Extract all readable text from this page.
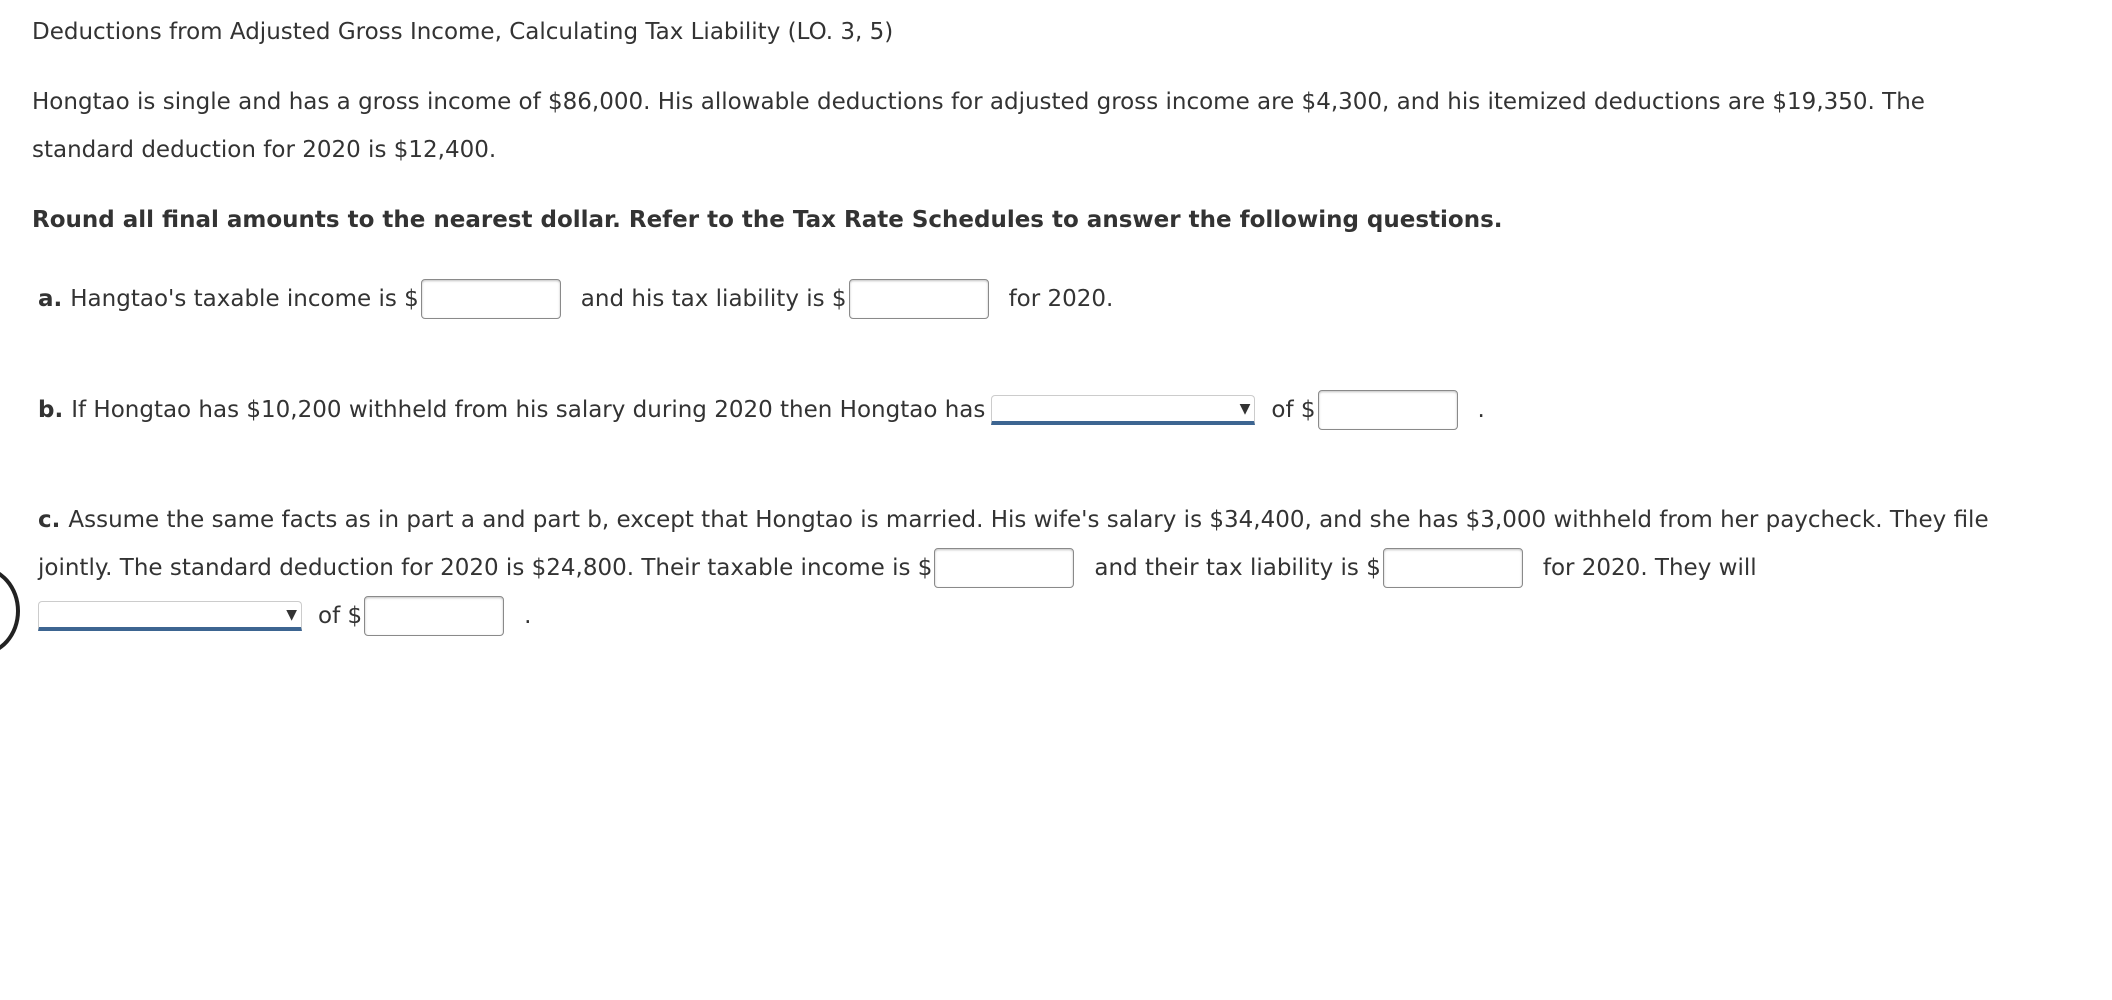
Deductions from Adjusted Gross Income, Calculating Tax Liability (LO. 3, 5)
Hongtao is single and has a gross income of $86,000. His allowable deductions for adjusted gross income are $4,300, and his itemized deductions are $19,350. The
standard deduction for 2020 is $12,400.
Round all final amounts to the nearest dollar. Refer to the Tax Rate Schedules to answer the following questions.
a. Hangtao's taxable income is $	and his tax liability is $	for 2020.
b. If Hongtao has $10,200 withheld from his salary during 2020 then Hongtao has	▼ of $	.
c. Assume the same facts as in part a and part b, except that Hongtao is married. His wife's salary is $34,400, and she has $3,000 withheld from her paycheck. They file
jointly. The standard deduction for 2020 is $24,800. Their taxable income is $	and their tax liability is $	for 2020. They will
▼ of $	.
